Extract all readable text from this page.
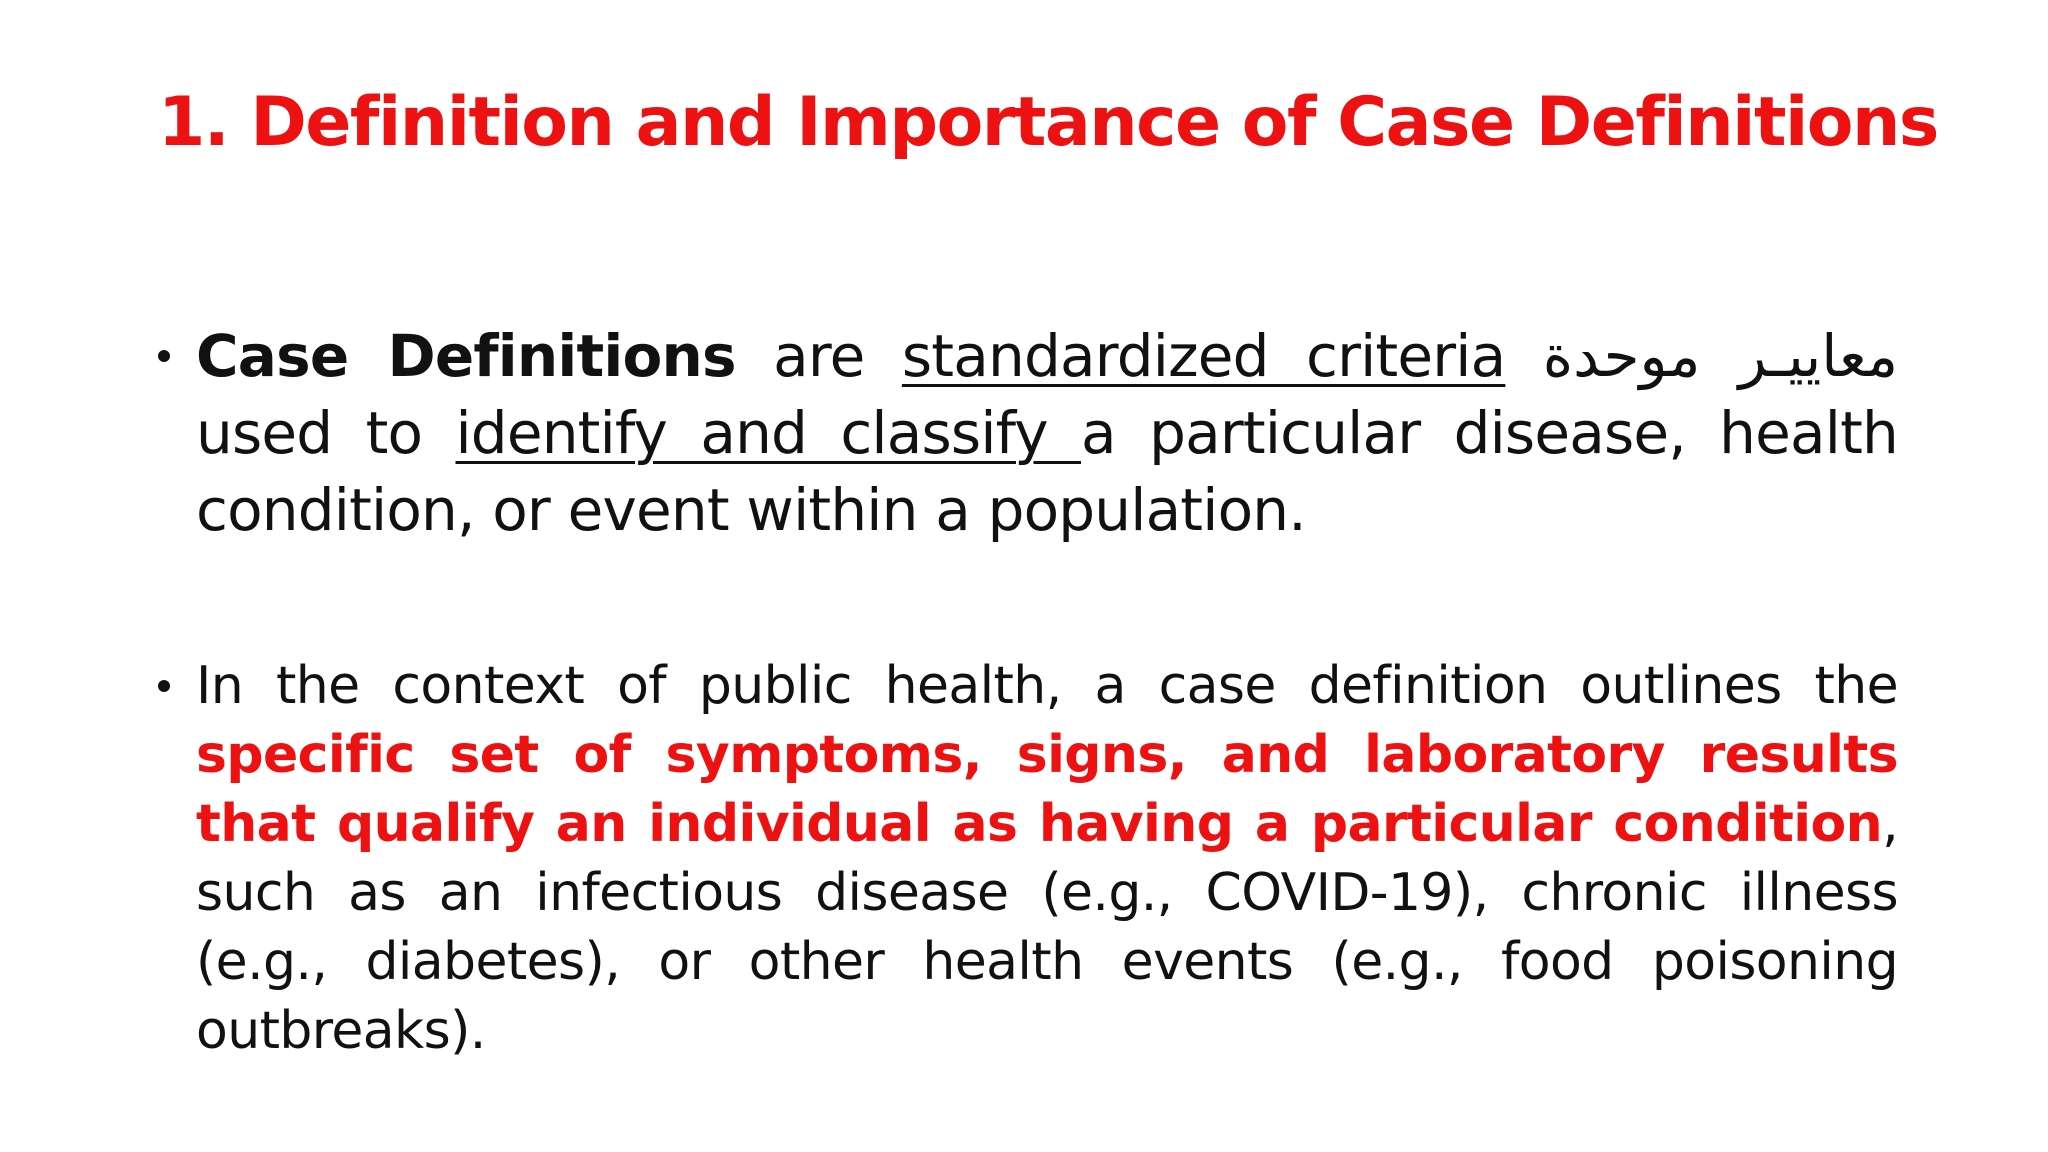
1. Definition and Importance of Case Definitions
Case Definitions are standardized criteria معاييـر موحدة used to identify and classify a particular disease, health condition, or event within a population.
In the context of public health, a case definition outlines the specific set of symptoms, signs, and laboratory results that qualify an individual as having a particular condition, such as an infectious disease (e.g., COVID-19), chronic illness (e.g., diabetes), or other health events (e.g., food poisoning outbreaks).
